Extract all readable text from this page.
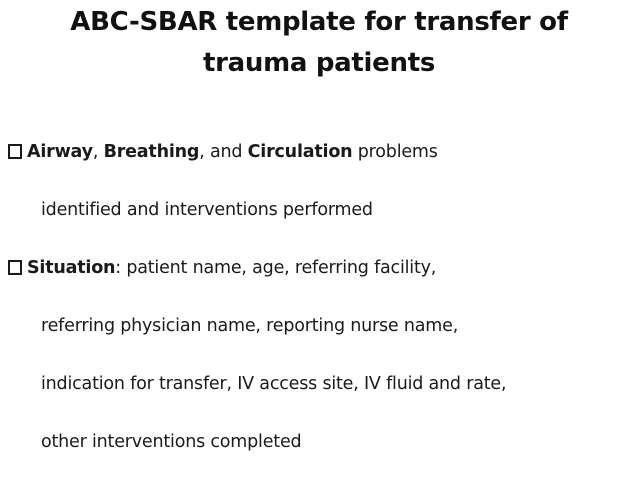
ABC-SBAR template for transfer of
trauma patients
Airway, Breathing, and Circulation problems
identified and interventions performed
Situation: patient name, age, referring facility,
referring physician name, reporting nurse name,
indication for transfer, IV access site, IV fluid and rate,
other interventions completed
